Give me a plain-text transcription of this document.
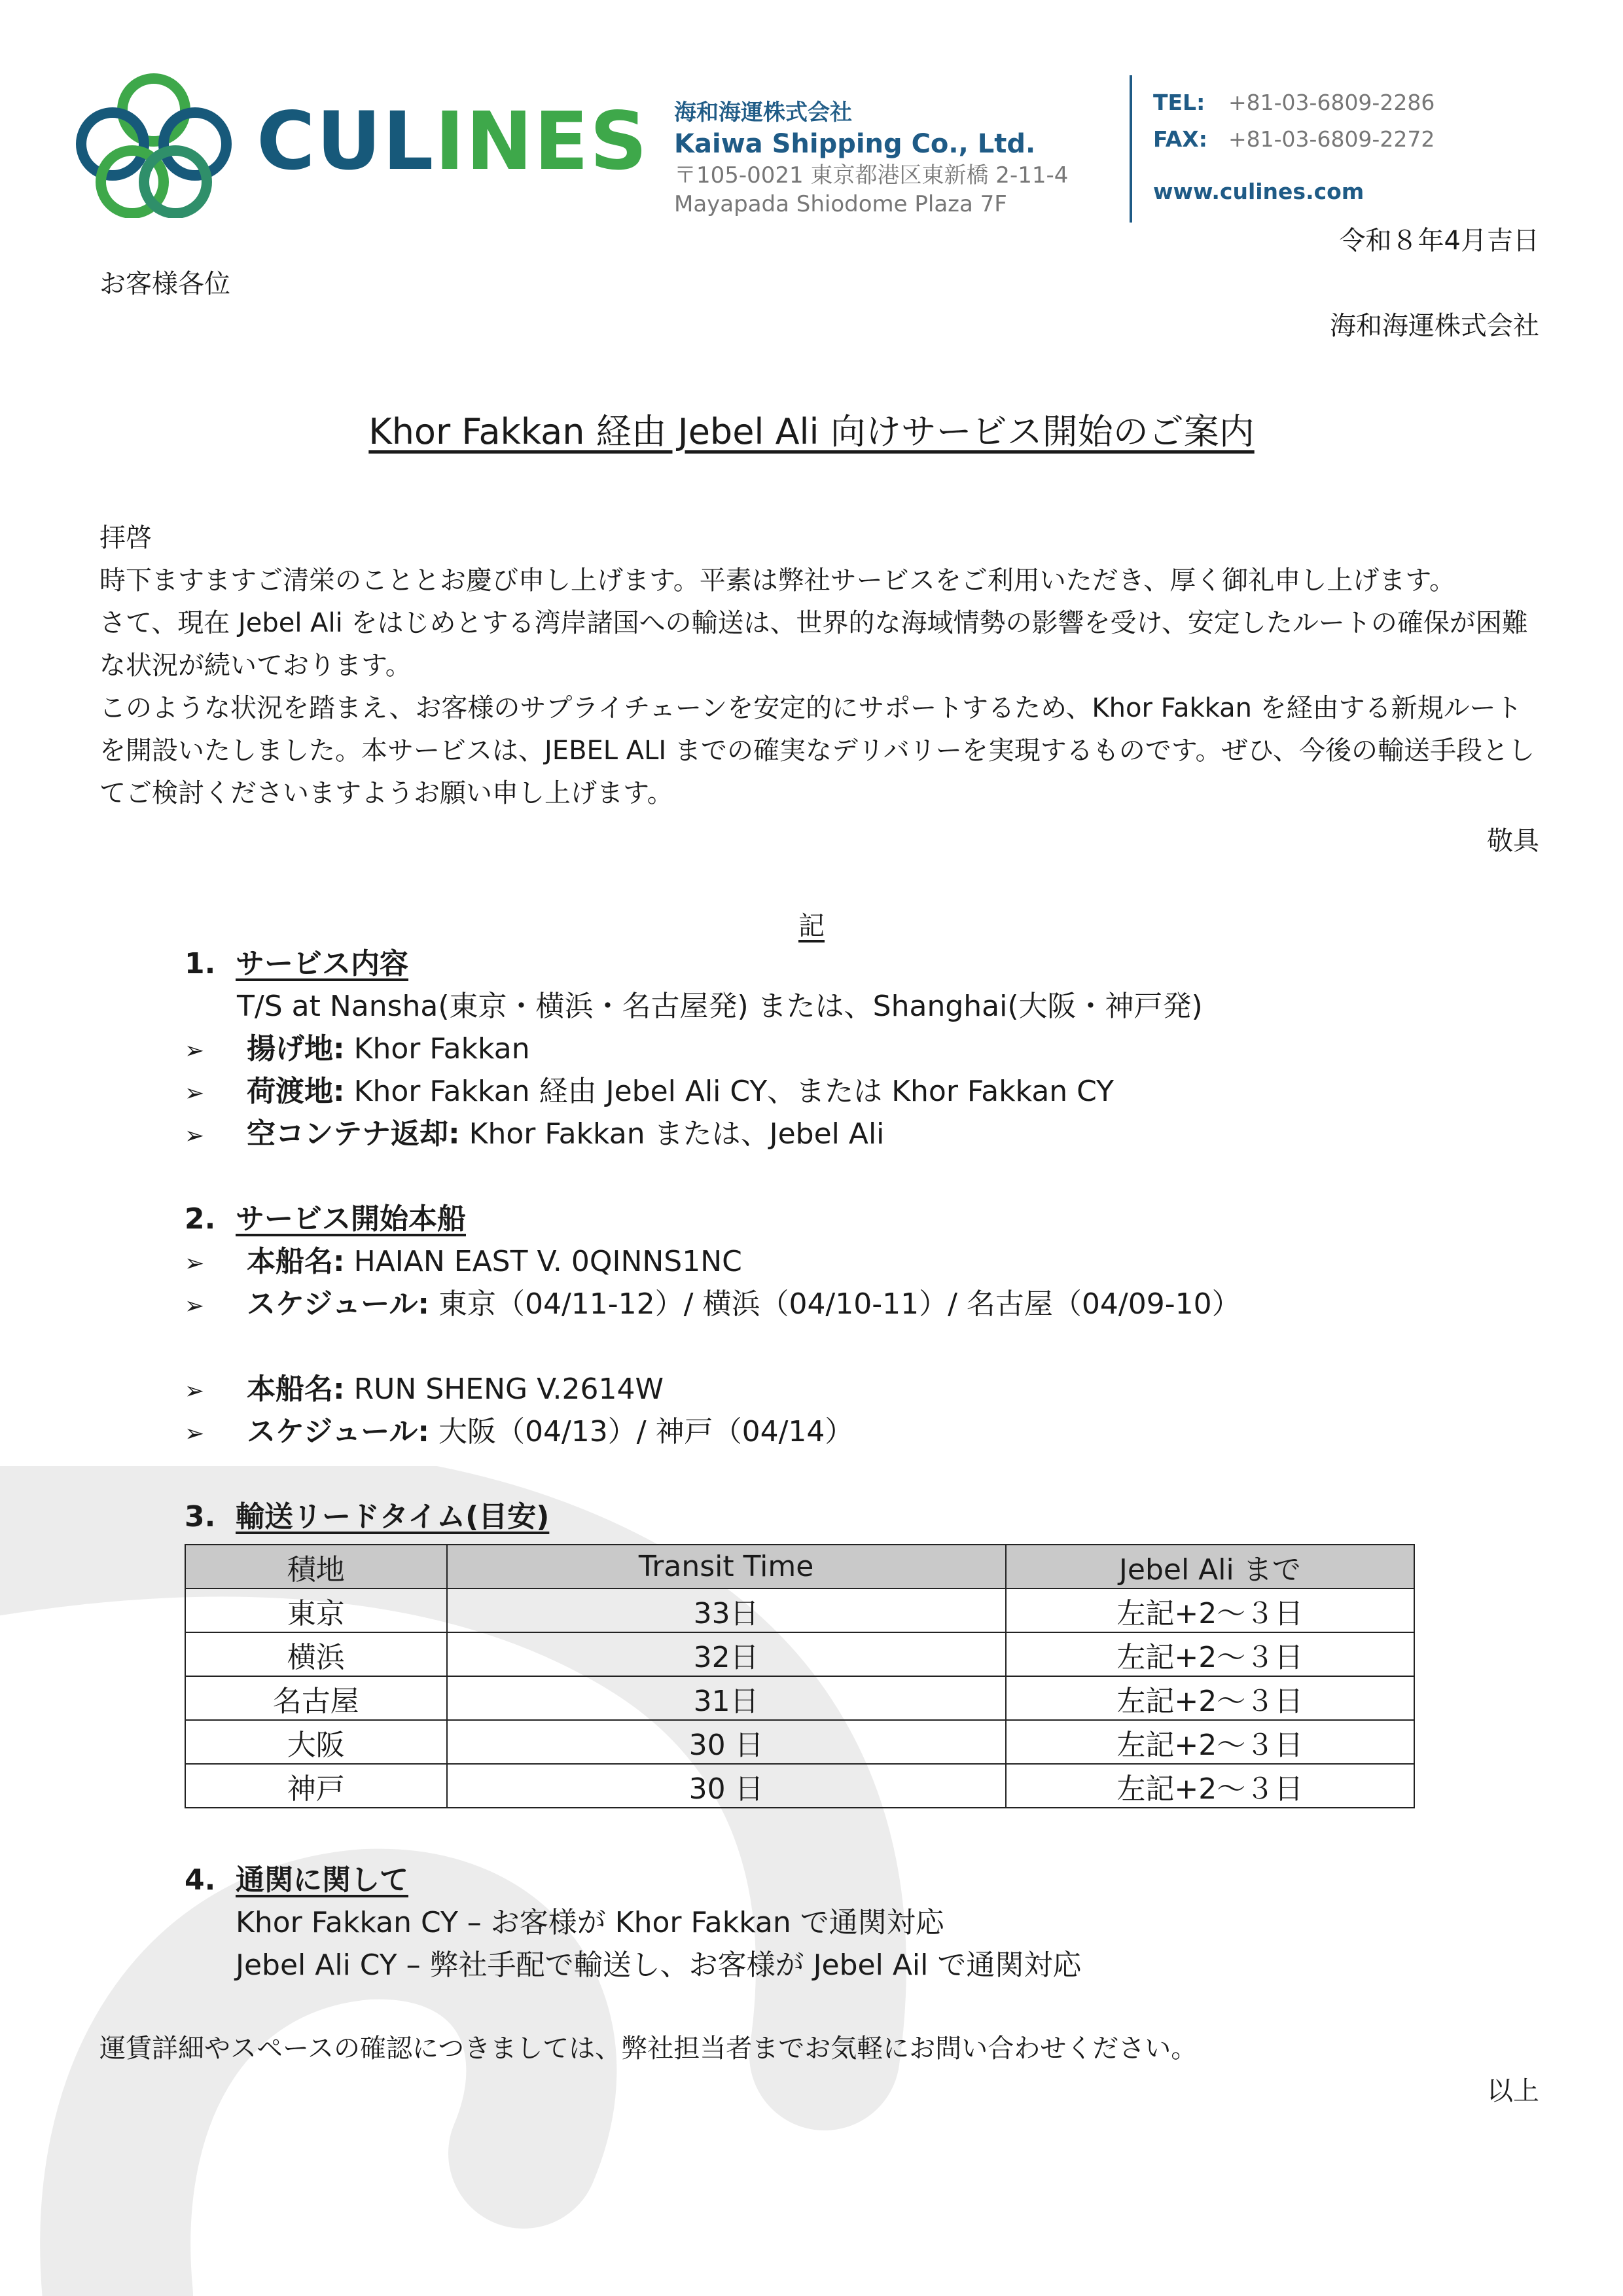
CULINES 海和海運株式会社
Kaiwa Shipping Co., Ltd.
〒105-0021 東京都港区東新橋 2-11-4
Mayapada Shiodome Plaza 7F
TEL: +81-03-6809-2286
FAX: +81-03-6809-2272
www.culines.com
令和８年4月吉日
お客様各位
海和海運株式会社
Khor Fakkan 経由 Jebel Ali 向けサービス開始のご案内

拝啓

時下ますますご清栄のこととお慶び申し上げます。平素は弊社サービスをご利用いただき、厚く御礼申し上げます。

さて、現在 Jebel Ali をはじめとする湾岸諸国への輸送は、世界的な海域情勢の影響を受け、安定したルートの確保が困難な状況が続いております。

このような状況を踏まえ、お客様のサプライチェーンを安定的にサポートするため、Khor Fakkan を経由する新規ルートを開設いたしました。本サービスは、JEBEL ALI までの確実なデリバリーを実現するものです。ぜひ、今後の輸送手段としてご検討くださいますようお願い申し上げます。

敬具
記
1. サービス内容
T/S at Nansha(東京・横浜・名古屋発) または、Shanghai(大阪・神戸発)
➢ 揚げ地: Khor Fakkan
➢ 荷渡地: Khor Fakkan 経由 Jebel Ali CY、または Khor Fakkan CY
➢ 空コンテナ返却: Khor Fakkan または、Jebel Ali
2. サービス開始本船
➢ 本船名: HAIAN EAST V. 0QINNS1NC
➢ スケジュール: 東京（04/11-12）/ 横浜（04/10-11）/ 名古屋（04/09-10）
➢ 本船名: RUN SHENG V.2614W
➢ スケジュール: 大阪（04/13）/ 神戸（04/14）
3. 輸送リードタイム(目安)
積地	Transit Time	Jebel Ali まで
東京	33日	左記+2～３日
横浜	32日	左記+2～３日
名古屋	31日	左記+2～３日
大阪	30 日	左記+2～３日
神戸	30 日	左記+2～３日
4. 通関に関して
Khor Fakkan CY – お客様が Khor Fakkan で通関対応
Jebel Ali CY – 弊社手配で輸送し、お客様が Jebel Ail で通関対応
運賃詳細やスペースの確認につきましては、弊社担当者までお気軽にお問い合わせください。
以上
